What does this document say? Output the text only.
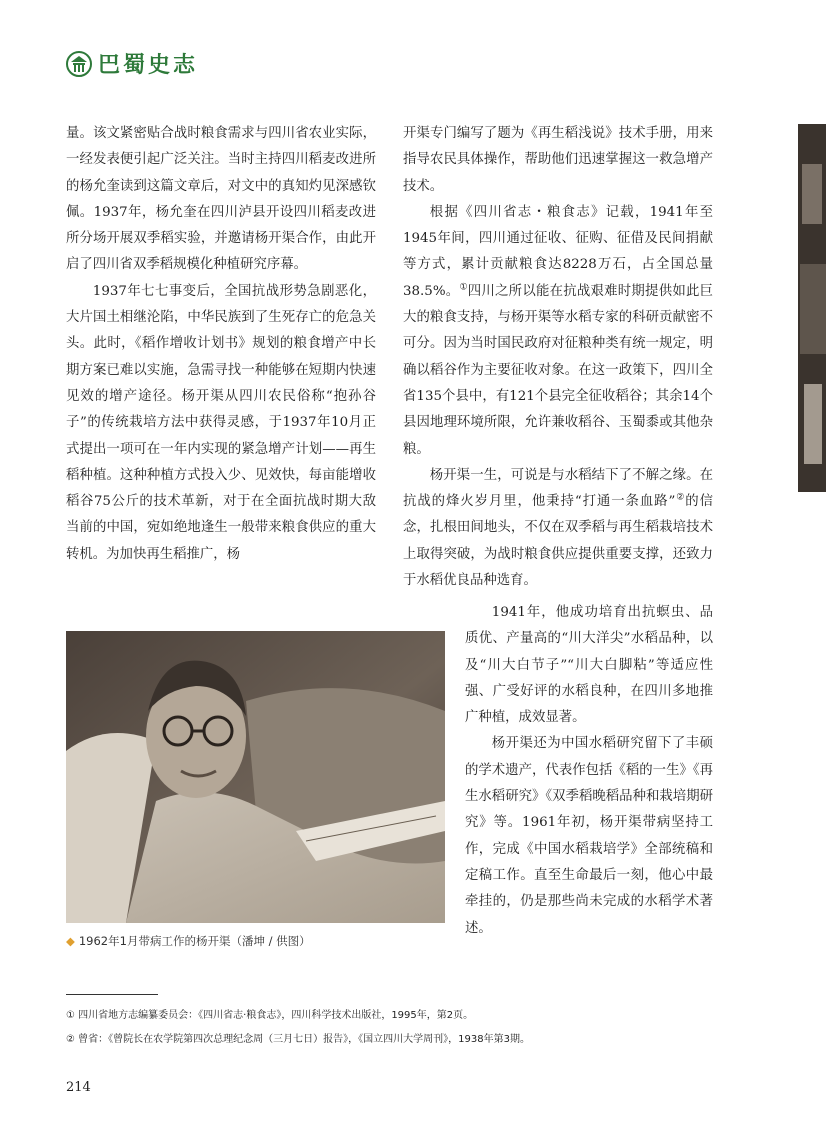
巴蜀史志

量。该文紧密贴合战时粮食需求与四川省农业实际，一经发表便引起广泛关注。当时主持四川稻麦改进所的杨允奎读到这篇文章后，对文中的真知灼见深感钦佩。1937年，杨允奎在四川泸县开设四川稻麦改进所分场开展双季稻实验，并邀请杨开渠合作，由此开启了四川省双季稻规模化种植研究序幕。

1937年七七事变后，全国抗战形势急剧恶化，大片国土相继沦陷，中华民族到了生死存亡的危急关头。此时，《稻作增收计划书》规划的粮食增产中长期方案已难以实施，急需寻找一种能够在短期内快速见效的增产途径。杨开渠从四川农民俗称“抱孙谷子”的传统栽培方法中获得灵感，于1937年10月正式提出一项可在一年内实现的紧急增产计划——再生稻种植。这种种植方式投入少、见效快，每亩能增收稻谷75公斤的技术革新，对于在全面抗战时期大敌当前的中国，宛如绝地逢生一般带来粮食供应的重大转机。为加快再生稻推广，杨

开渠专门编写了题为《再生稻浅说》技术手册，用来指导农民具体操作，帮助他们迅速掌握这一救急增产技术。

根据《四川省志・粮食志》记载，1941年至1945年间，四川通过征收、征购、征借及民间捐献等方式，累计贡献粮食达8228万石，占全国总量38.5%。①四川之所以能在抗战艰难时期提供如此巨大的粮食支持，与杨开渠等水稻专家的科研贡献密不可分。因为当时国民政府对征粮种类有统一规定，明确以稻谷作为主要征收对象。在这一政策下，四川全省135个县中，有121个县完全征收稻谷；其余14个县因地理环境所限，允许兼收稻谷、玉蜀黍或其他杂粮。

杨开渠一生，可说是与水稻结下了不解之缘。在抗战的烽火岁月里，他秉持“打通一条血路”②的信念，扎根田间地头，不仅在双季稻与再生稻栽培技术上取得突破，为战时粮食供应提供重要支撑，还致力于水稻优良品种选育。

1941年，他成功培育出抗螟虫、品质优、产量高的“川大洋尖”水稻品种，以及“川大白节子”“川大白脚粘”等适应性强、广受好评的水稻良种，在四川多地推广种植，成效显著。

杨开渠还为中国水稻研究留下了丰硕的学术遗产，代表作包括《稻的一生》《再生水稻研究》《双季稻晚稻品种和栽培期研究》等。1961年初，杨开渠带病坚持工作，完成《中国水稻栽培学》全部统稿和定稿工作。直至生命最后一刻，他心中最牵挂的，仍是那些尚未完成的水稻学术著述。

◆ 1962年1月带病工作的杨开渠（潘坤 / 供图）
① 四川省地方志编纂委员会：《四川省志·粮食志》，四川科学技术出版社，1995年，第2页。
② 曾省：《曾院长在农学院第四次总理纪念周（三月七日）报告》，《国立四川大学周刊》，1938年第3期。
214
